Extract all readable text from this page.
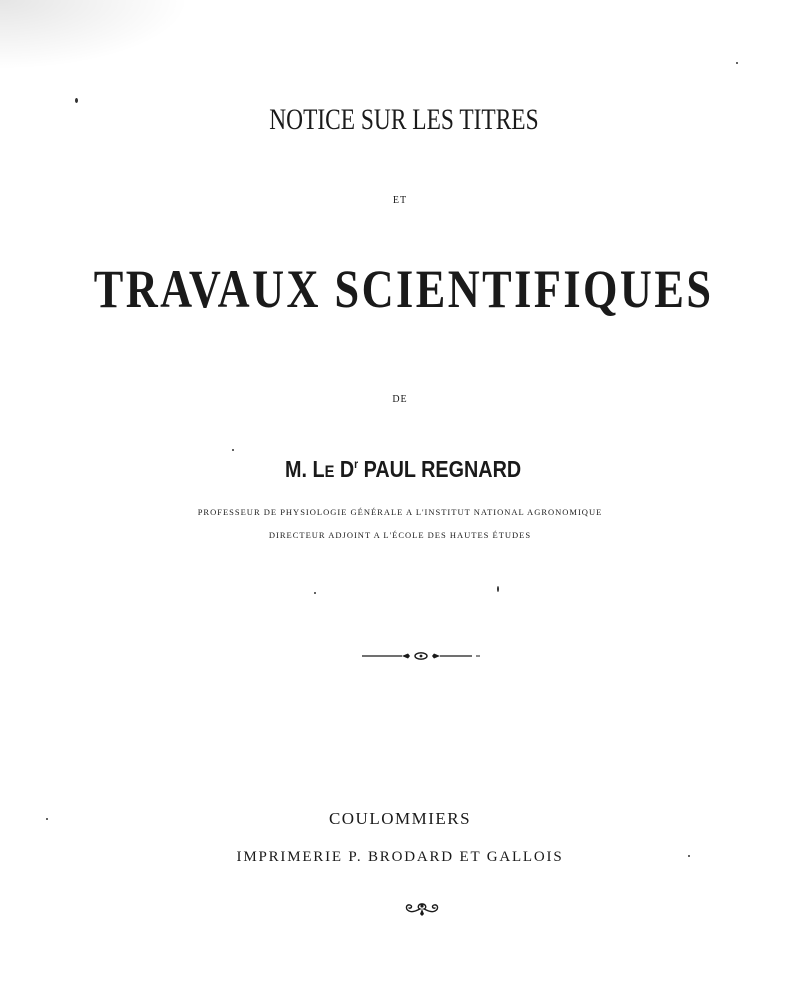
NOTICE SUR LES TITRES
ET
TRAVAUX SCIENTIFIQUES
DE
M. LE $D^r$ PAUL REGNARD
PROFESSEUR DE PHYSIOLOGIE GÉNÉRALE A L'INSTITUT NATIONAL AGRONOMIQUE
DIRECTEUR ADJOINT A L'ÉCOLE DES HAUTES ÉTUDES
COULOMMIERS
IMPRIMERIE P. BRODARD ET GALLOIS
